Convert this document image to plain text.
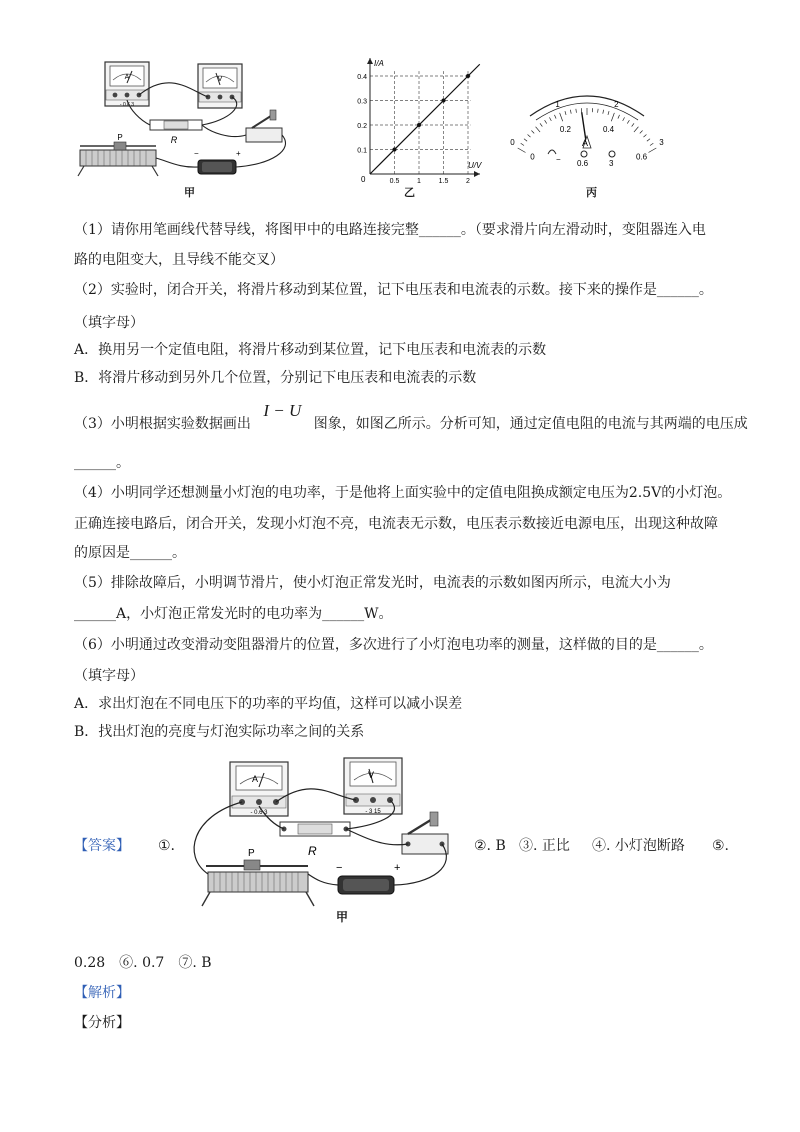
A
- 0.6 3
V
R
P
−	+
甲
I/A
U/V
0	0.5	1	1.5	2
0.1
0.2
0.3
0.4
乙
0
1	2
3
0
0.2	0.4
0.6
A
− 0.6	3
丙
（1）请你用笔画线代替导线，将图甲中的电路连接完整______。（要求滑片向左滑动时，变阻器连入电
路的电阻变大，且导线不能交叉）
（2）实验时，闭合开关，将滑片移动到某位置，记下电压表和电流表的示数。接下来的操作是______。
（填字母）
A．换用另一个定值电阻，将滑片移动到某位置，记下电压表和电流表的示数
B．将滑片移动到另外几个位置，分别记下电压表和电流表的示数
（3）小明根据实验数据画出 I − U 图象，如图乙所示。分析可知，通过定值电阻的电流与其两端的电压成
______。
（4）小明同学还想测量小灯泡的电功率，于是他将上面实验中的定值电阻换成额定电压为2.5V的小灯泡。
正确连接电路后，闭合开关，发现小灯泡不亮，电流表无示数，电压表示数接近电源电压，出现这种故障
的原因是______。
（5）排除故障后，小明调节滑片，使小灯泡正常发光时，电流表的示数如图丙所示，电流大小为
______A，小灯泡正常发光时的电功率为______W。
（6）小明通过改变滑动变阻器滑片的位置，多次进行了小灯泡电功率的测量，这样做的目的是______。
（填字母）
A．求出灯泡在不同电压下的功率的平均值，这样可以减小误差
B．找出灯泡的亮度与灯泡实际功率之间的关系
A
- 0.6 3
V
- 3 15
R
P
−	+
甲
【答案】 ①.	②. B ③. 正比 ④. 小灯泡断路 ⑤.
0.28　⑥. 0.7　⑦. B
【解析】
【分析】
